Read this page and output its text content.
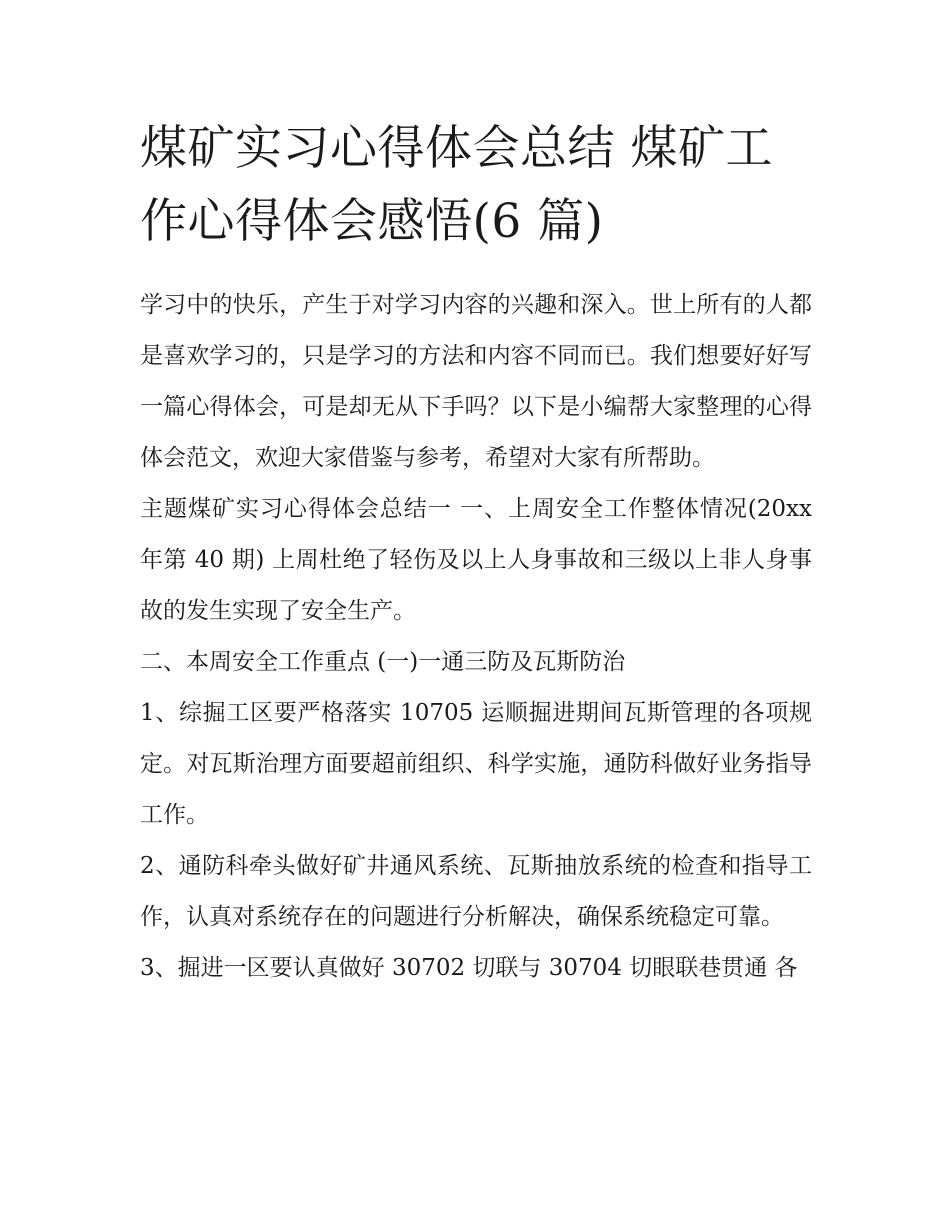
煤矿实习心得体会总结 煤矿工作心得体会感悟(6 篇)

学习中的快乐，产生于对学习内容的兴趣和深入。世上所有的人都是喜欢学习的，只是学习的方法和内容不同而已。我们想要好好写一篇心得体会，可是却无从下手吗？以下是小编帮大家整理的心得体会范文，欢迎大家借鉴与参考，希望对大家有所帮助。

主题煤矿实习心得体会总结一 一、上周安全工作整体情况(20xx 年第 40 期) 上周杜绝了轻伤及以上人身事故和三级以上非人身事故的发生实现了安全生产。

二、本周安全工作重点 (一)一通三防及瓦斯防治

1、综掘工区要严格落实 10705 运顺掘进期间瓦斯管理的各项规定。对瓦斯治理方面要超前组织、科学实施，通防科做好业务指导工作。

2、通防科牵头做好矿井通风系统、瓦斯抽放系统的检查和指导工作，认真对系统存在的问题进行分析解决，确保系统稳定可靠。

3、掘进一区要认真做好 30702 切联与 30704 切眼联巷贯通 各
